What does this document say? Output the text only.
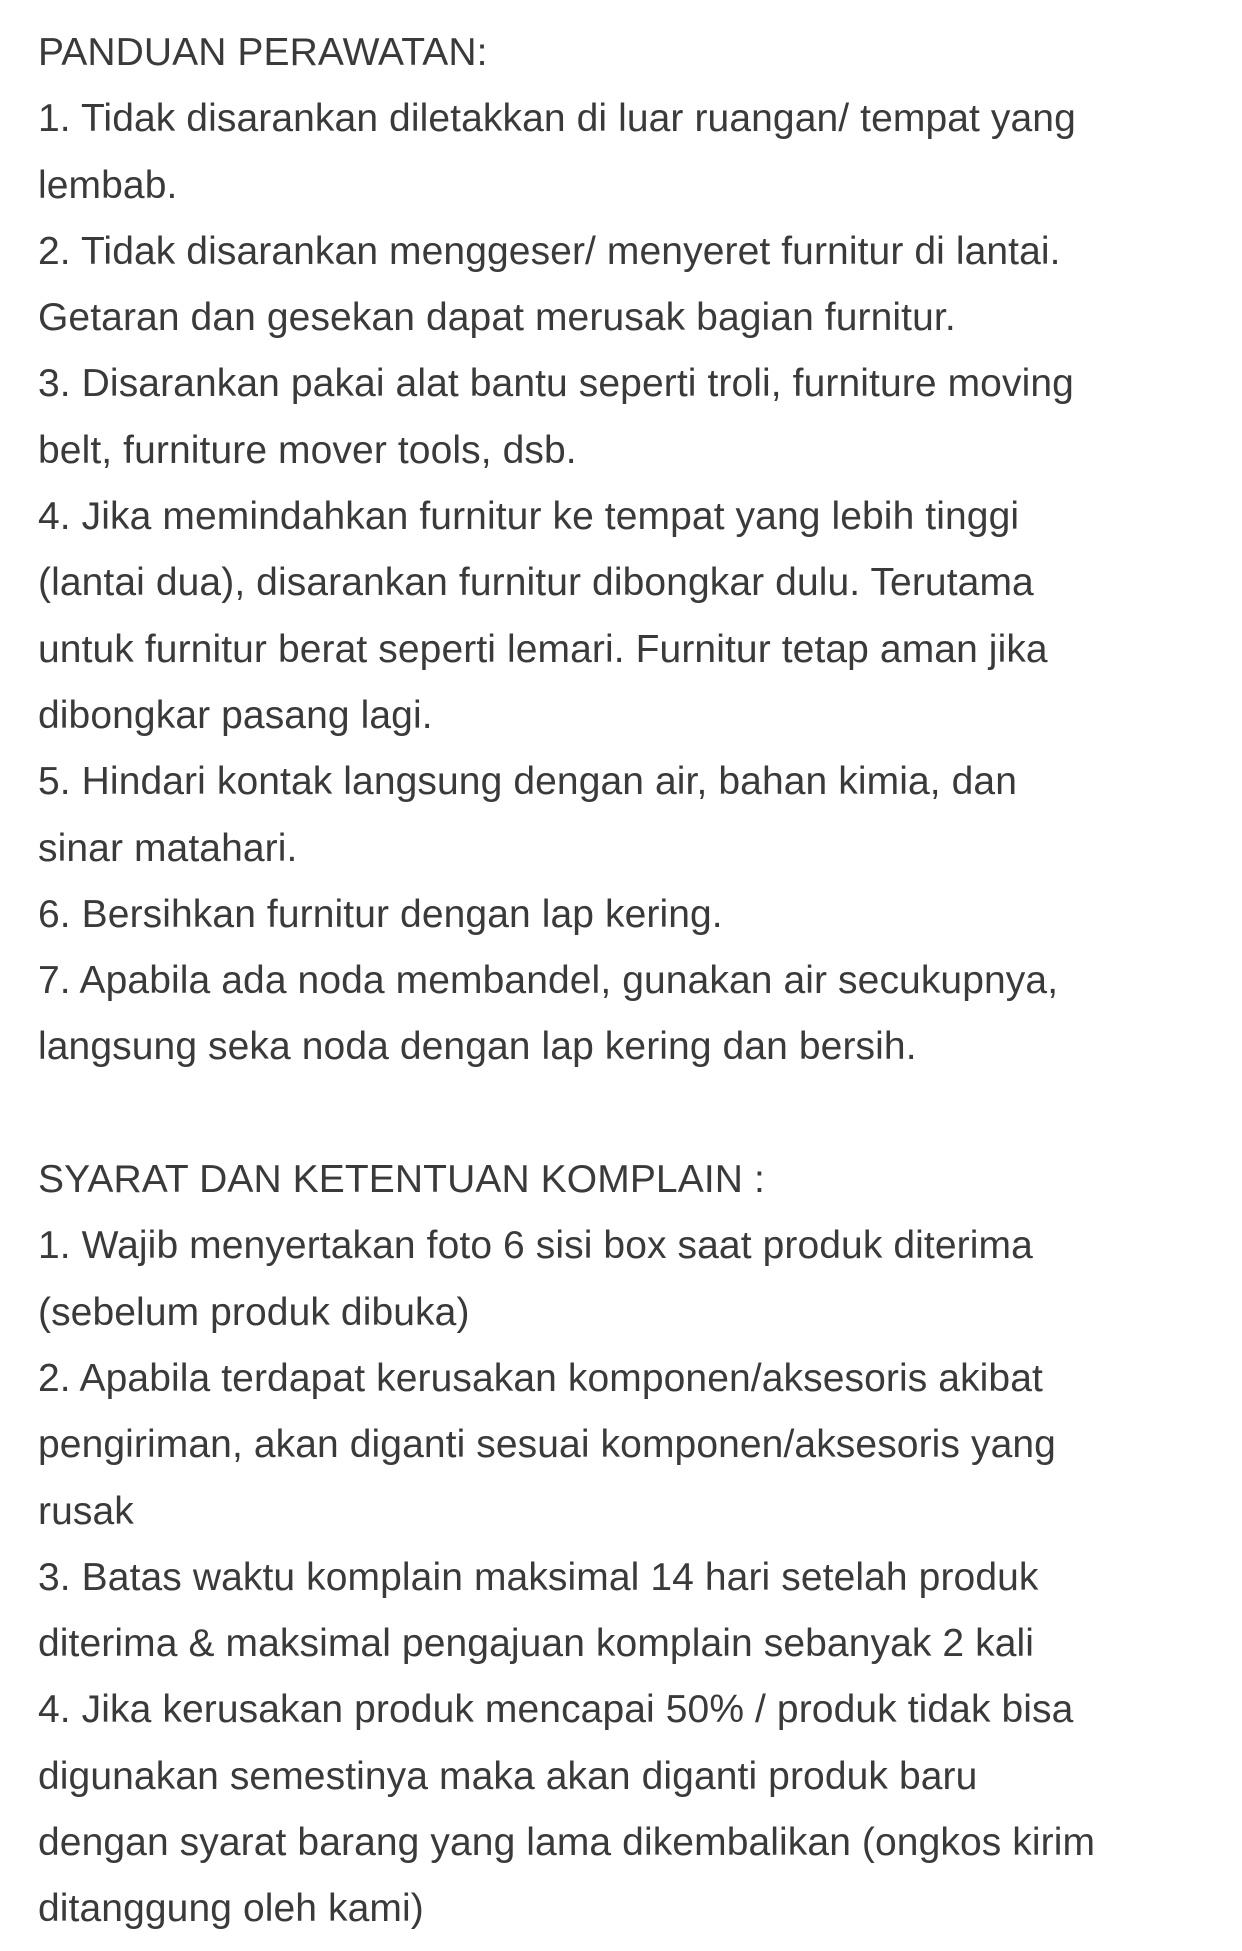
PANDUAN PERAWATAN:
1. Tidak disarankan diletakkan di luar ruangan/ tempat yang
lembab.
2. Tidak disarankan menggeser/ menyeret furnitur di lantai.
Getaran dan gesekan dapat merusak bagian furnitur.
3. Disarankan pakai alat bantu seperti troli, furniture moving
belt, furniture mover tools, dsb.
4. Jika memindahkan furnitur ke tempat yang lebih tinggi
(lantai dua), disarankan furnitur dibongkar dulu. Terutama
untuk furnitur berat seperti lemari. Furnitur tetap aman jika
dibongkar pasang lagi.
5. Hindari kontak langsung dengan air, bahan kimia, dan
sinar matahari.
6. Bersihkan furnitur dengan lap kering.
7. Apabila ada noda membandel, gunakan air secukupnya,
langsung seka noda dengan lap kering dan bersih.
SYARAT DAN KETENTUAN KOMPLAIN :
1. Wajib menyertakan foto 6 sisi box saat produk diterima
(sebelum produk dibuka)
2. Apabila terdapat kerusakan komponen/aksesoris akibat
pengiriman, akan diganti sesuai komponen/aksesoris yang
rusak
3. Batas waktu komplain maksimal 14 hari setelah produk
diterima & maksimal pengajuan komplain sebanyak 2 kali
4. Jika kerusakan produk mencapai 50% / produk tidak bisa
digunakan semestinya maka akan diganti produk baru
dengan syarat barang yang lama dikembalikan (ongkos kirim
ditanggung oleh kami)
